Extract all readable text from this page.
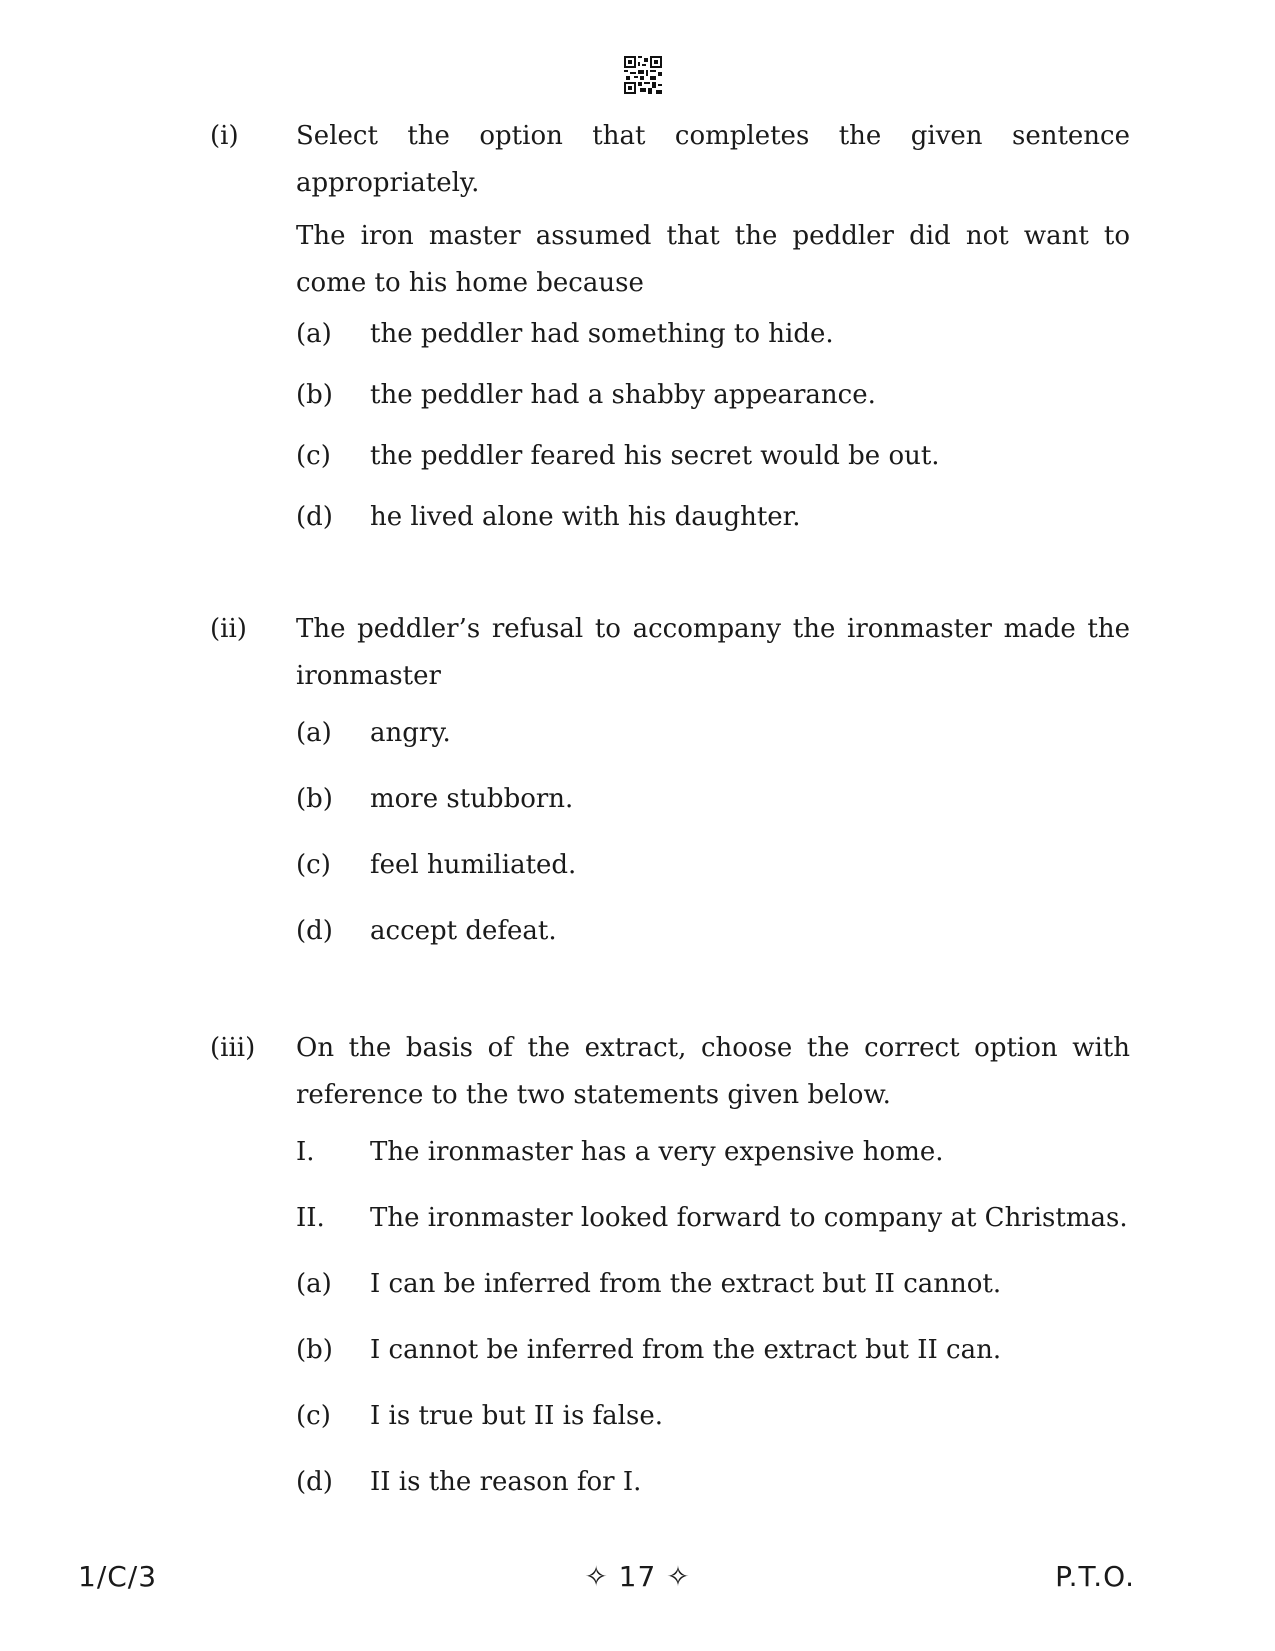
(i) Select the option that completes the given sentence appropriately.

The iron master assumed that the peddler did not want to come to his home because

(a) the peddler had something to hide.
(b) the peddler had a shabby appearance.
(c) the peddler feared his secret would be out.
(d) he lived alone with his daughter.
(ii) The peddler’s refusal to accompany the ironmaster made the ironmaster

(a) angry.
(b) more stubborn.
(c) feel humiliated.
(d) accept defeat.
(iii) On the basis of the extract, choose the correct option with reference to the two statements given below.

I. The ironmaster has a very expensive home.
II. The ironmaster looked forward to company at Christmas.
(a) I can be inferred from the extract but II cannot.
(b) I cannot be inferred from the extract but II can.
(c) I is true but II is false.
(d) II is the reason for I.
1/C/3	✧ 17 ✧	P.T.O.
